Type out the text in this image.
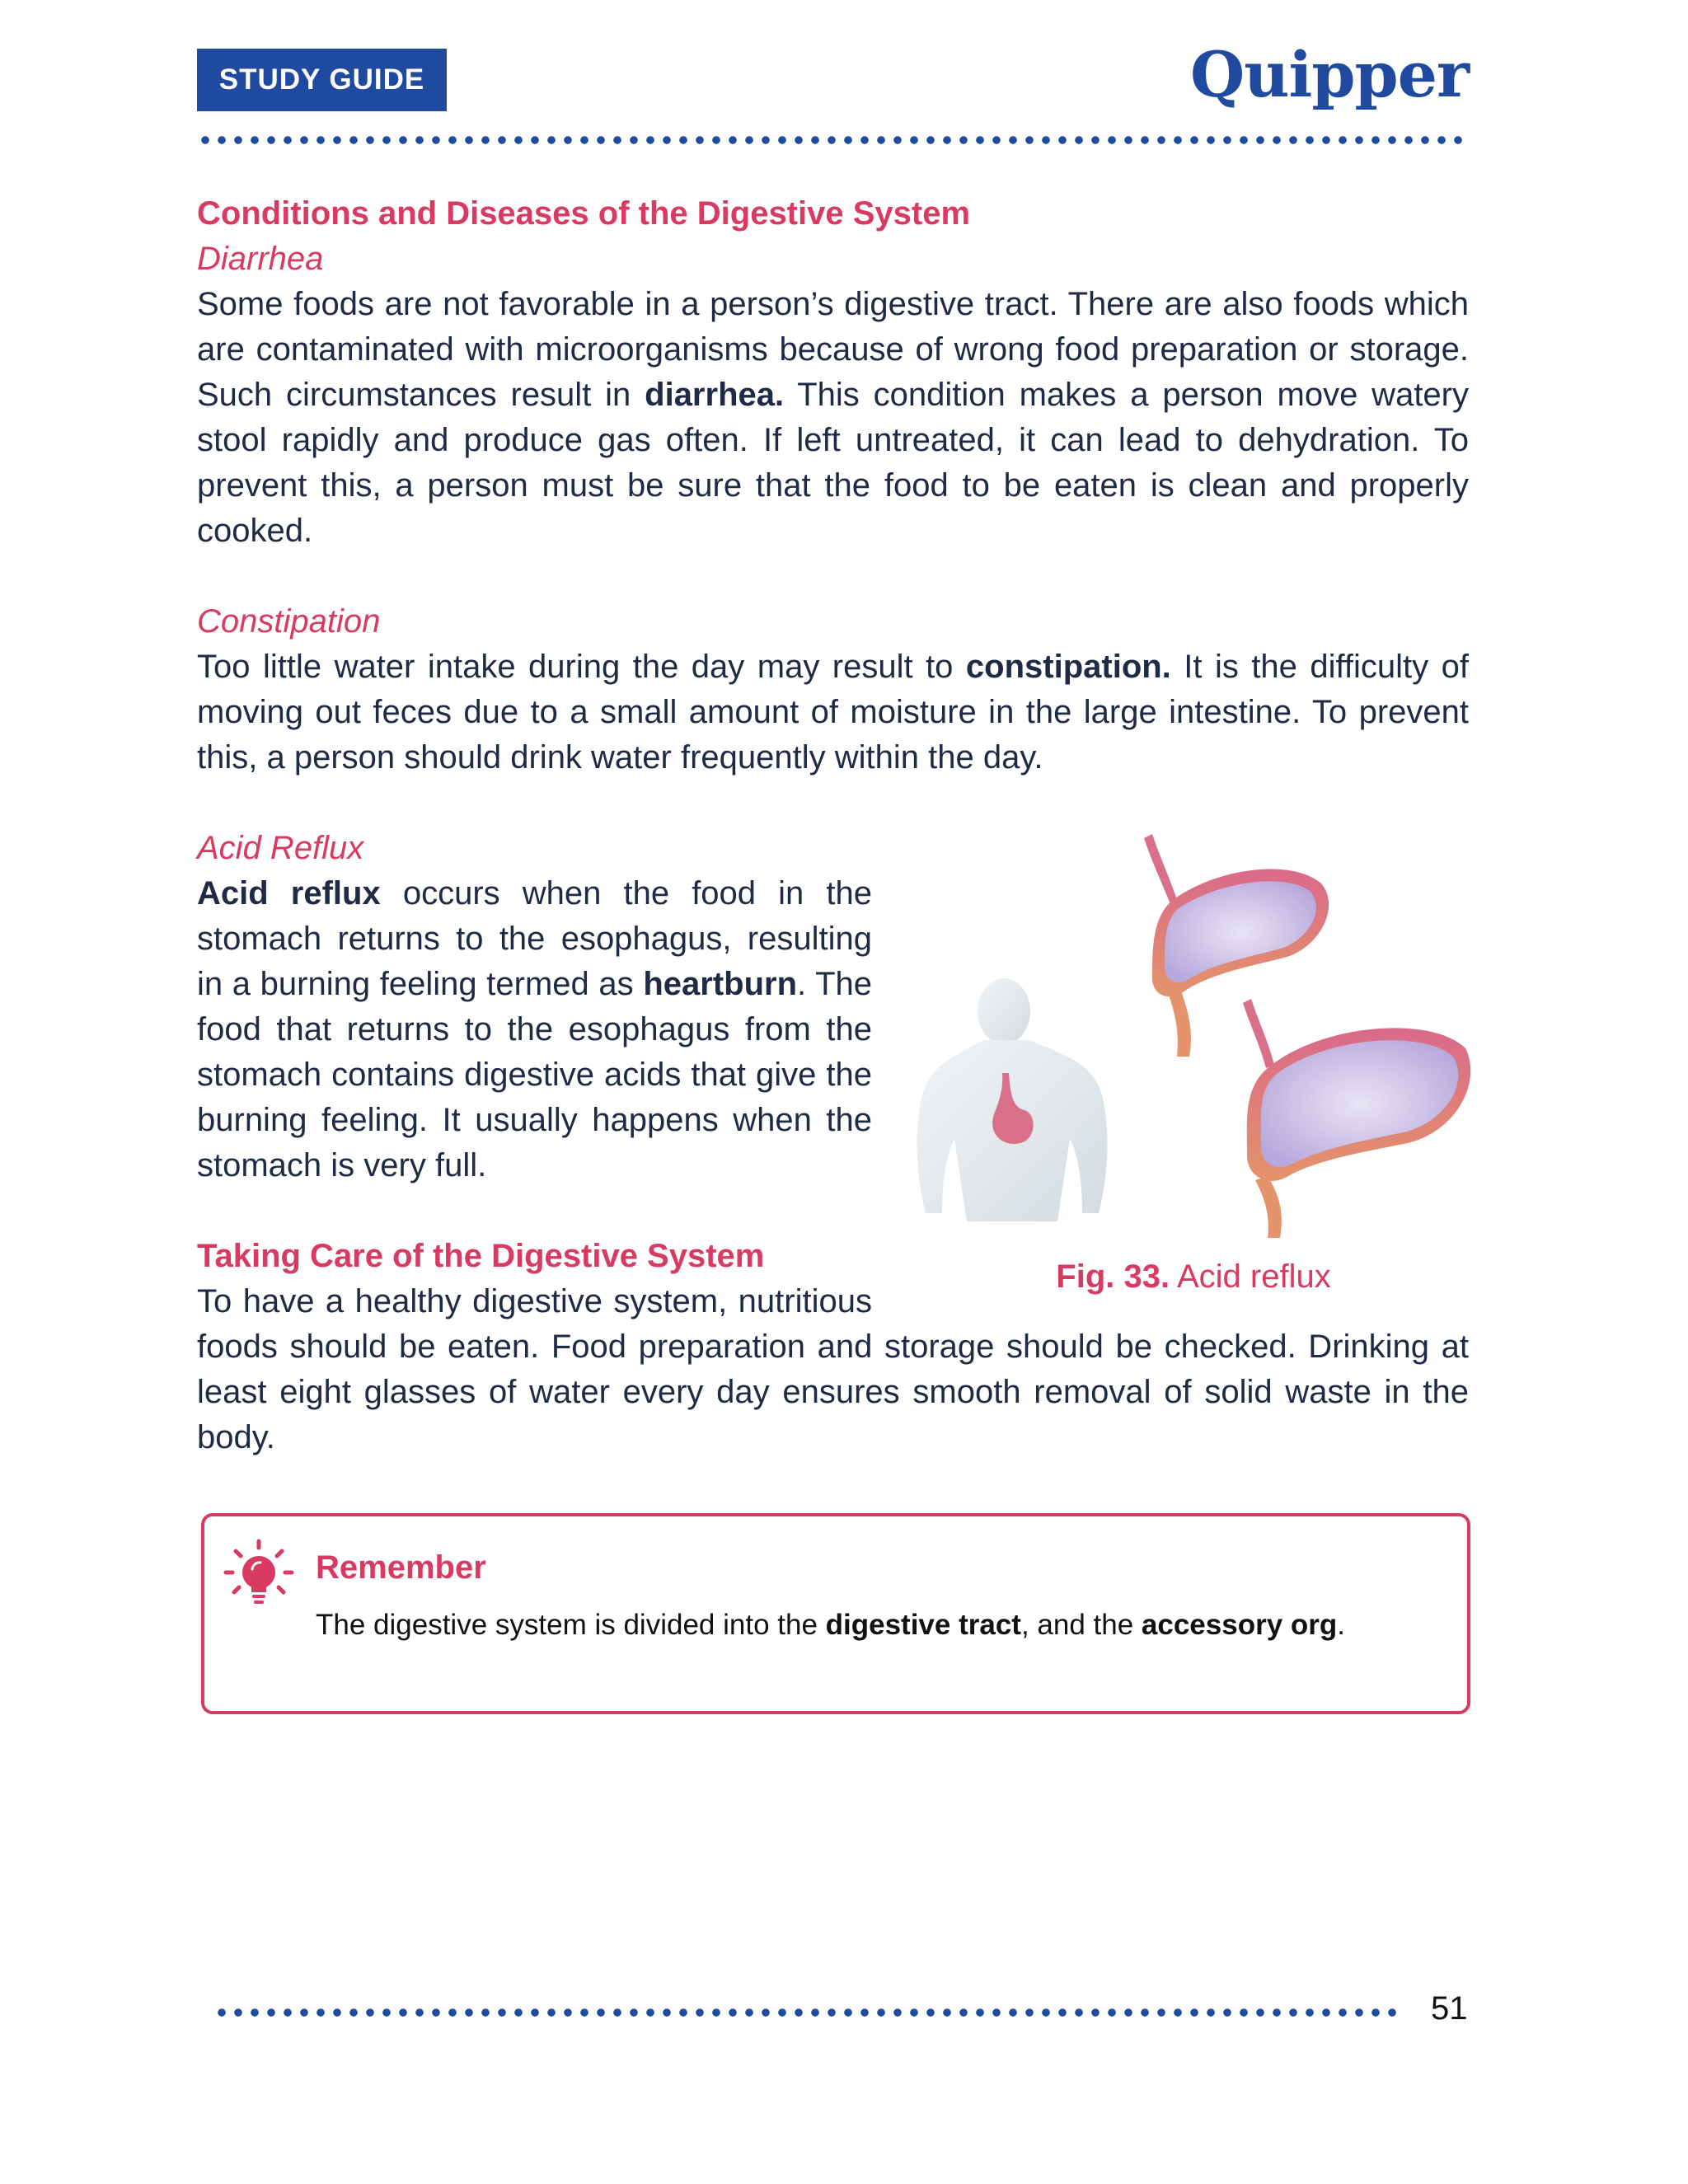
STUDY GUIDE	Quipper
Conditions and Diseases of the Digestive System
Diarrhea

Some foods are not favorable in a person’s digestive tract. There are also foods which are contaminated with microorganisms because of wrong food preparation or storage. Such circumstances result in diarrhea. This condition makes a person move watery stool rapidly and produce gas often. If left untreated, it can lead to dehydration. To prevent this, a person must be sure that the food to be eaten is clean and properly cooked.

Constipation

Too little water intake during the day may result to constipation. It is the difficulty of moving out feces due to a small amount of moisture in the large intestine. To prevent this, a person should drink water frequently within the day.

Acid Reflux
Fig. 33. Acid reflux

Acid reflux occurs when the food in the stomach returns to the esophagus, resulting in a burning feeling termed as heartburn. The food that returns to the esophagus from the stomach contains digestive acids that give the burning feeling. It usually happens when the stomach is very full.

Taking Care of the Digestive System

To have a healthy digestive system, nutritious foods should be eaten. Food preparation and storage should be checked. Drinking at least eight glasses of water every day ensures smooth removal of solid waste in the body.

Remember
The digestive system is divided into the digestive tract, and the accessory org.
51
